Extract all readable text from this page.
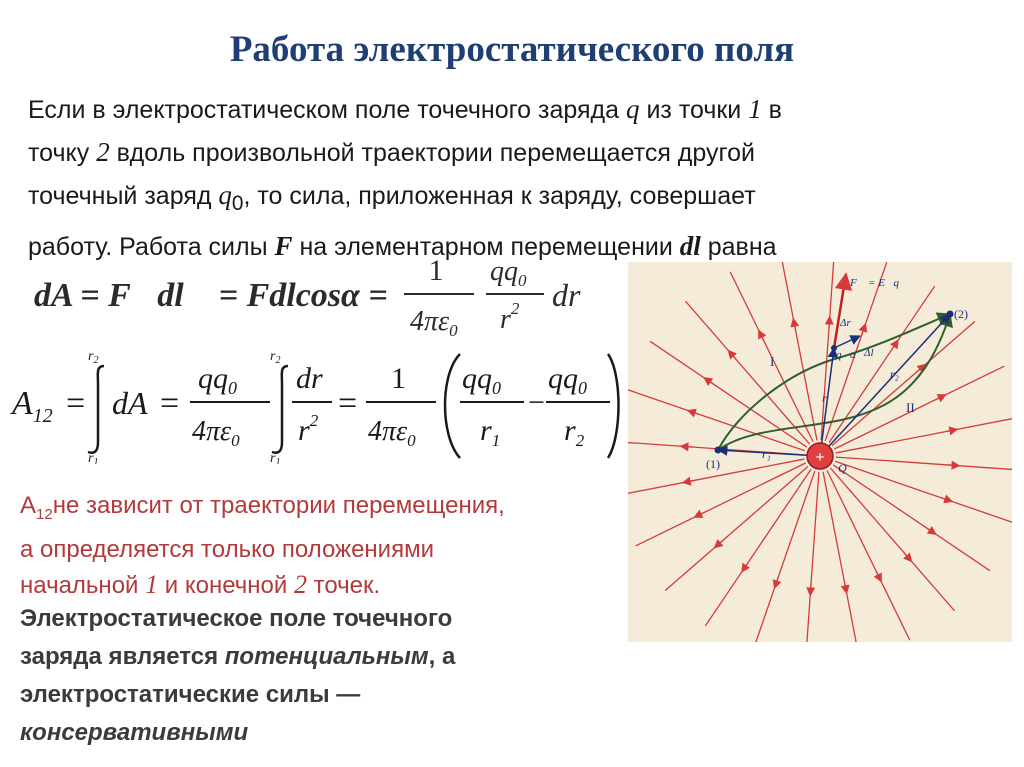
Работа электростатического поля
Если в электростатическом поле точечного заряда q из точки 1 в
точку 2 вдоль произвольной траектории перемещается другой
точечный заряд $q_0$, то сила, приложенная к заряду, совершает
работу. Работа силы F на элементарном перемещении dl равна
dA = F⃗dl⃗ = Fdlcosα =
1
$4\pi\varepsilon_0$
$qq_0$
$r^2$ dr
$A_{12}$ =
$r_2$
$r_1$
dA =
$qq_0$
$4\pi\varepsilon_0$
$r_2$
$r_1$
dr
$r^2$ =
1
$4\pi\varepsilon_0$
$qq_0$
$r_1$
−
$qq_0$
$r_2$
$А_{12}не$ зависит от траектории перемещения,
а определяется только положениями
начальной 1 и конечной 2 точек.
Электростатическое поле точечного
заряда является потенциальным, а
электростатические силы —
консервативными
+
Q
F⃗ = E⃗q
Δr⃗
q α Δl⃗
I
II
(1)
(2)
r₁
r₂
r
